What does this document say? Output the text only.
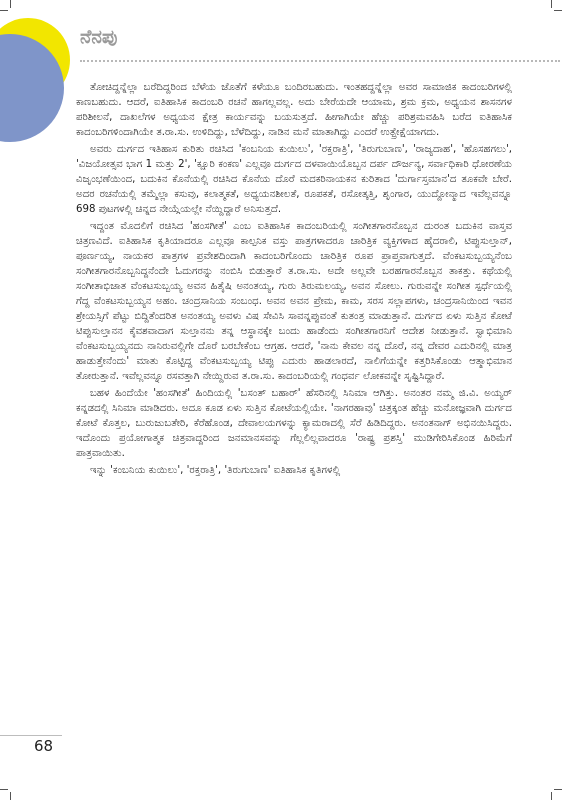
ನೆನಪು

ತೋಚಿದ್ದನ್ನೆಲ್ಲಾ ಬರೆದಿದ್ದರಿಂದ ಬೆಳೆಯ ಜೊತೆಗೆ ಕಳೆಯೂ ಬಂದಿರಬಹುದು. ಇಂತಹದ್ದನ್ನೆಲ್ಲಾ ಅವರ ಸಾಮಾಜಿಕ ಕಾದಂಬರಿಗಳಲ್ಲಿ ಕಾಣಬಹುದು. ಆದರೆ, ಐತಿಹಾಸಿಕ ಕಾದಂಬರಿ ರಚನೆ ಹಾಗಲ್ಲವಲ್ಲ. ಅದು ಬೇರೆಯದೇ ಆಯಾಮ, ಶ್ರಮ ಕ್ರಮ, ಅಧ್ಯಯನ ಶಾಸನಗಳ ಪರಿಶೀಲನೆ, ದಾಖಲೆಗಳ ಅಧ್ಯಯನ ಕ್ಷೇತ್ರ ಕಾರ್ಯವನ್ನು ಬಯಸುತ್ತದೆ. ಹೀಗಾಗಿಯೇ ಹೆಚ್ಚು ಪರಿಶ್ರಮವಹಿಸಿ ಬರೆದ ಐತಿಹಾಸಿಕ ಕಾದಂಬರಿಗಳಿಂದಾಗಿಯೇ ತ.ರಾ.ಸು. ಉಳಿದಿದ್ದು, ಬೆಳೆದಿದ್ದು, ನಾಡಿನ ಮನೆ ಮಾತಾಗಿದ್ದು ಎಂದರೆ ಉತ್ಪ್ರೇಕ್ಷೆಯಾಗದು.

ಅವರು ದುರ್ಗದ ಇತಿಹಾಸ ಕುರಿತು ರಚಿಸಿದ 'ಕಂಬನಿಯ ಕುಯಿಲು', 'ರಕ್ತರಾತ್ರಿ', 'ತಿರುಗುಬಾಣ', 'ರಾಜ್ಯದಾಹ', 'ಹೊಸಹಗಲು', 'ವಿಜಯೋತ್ಸವ ಭಾಗ 1 ಮತ್ತು 2', 'ಕ್ಷೂರಿ ಕಂಕಣ' ಎಲ್ಲವೂ ದುರ್ಗದ ದಳವಾಯಿಯೊಬ್ಬನ ದರ್ಪ ದೌರ್ಜನ್ಯ, ಸರ್ವಾಧಿಕಾರಿ ಧೋರಣೆಯ ವಿಜೃಂಭಣೆಯಿಂದ, ಬದುಕಿನ ಕೊನೆಯಲ್ಲಿ ರಚಿಸಿದ ಕೊನೆಯ ದೊರೆ ಮದಕರಿನಾಯಕನ ಕುರಿತಾದ 'ದುರ್ಗಾಸ್ತಮಾನ'ದ ತೂಕವೇ ಬೇರೆ. ಅದರ ರಚನೆಯಲ್ಲಿ ತಮ್ಮೆಲ್ಲಾ ಕಸುವು, ಕಲಾತ್ಮಕತೆ, ಅಧ್ಯಯನಶೀಲತೆ, ರೂಪಕತೆ, ರಸೋತ್ಕತ್ತಿ, ಶೃಂಗಾರ, ಯುದ್ದೋನ್ಮಾದ ಇವೆಲ್ಲವನ್ನೂ 698 ಪುಟಗಳಲ್ಲಿ ಚಿನ್ನದ ನೇಯ್ಗೆಯಲ್ಲೇ ನೆಯ್ದಿದ್ದಾರೆ ಅನಿಸುತ್ತದೆ.

ಇದ್ದಂತ ಮೊದಲಿಗೆ ರಚಿಸಿದ 'ಹಂಸಗೀತೆ' ಎಂಬ ಐತಿಹಾಸಿಕ ಕಾದಂಬರಿಯಲ್ಲಿ ಸಂಗೀತಗಾರನೊಬ್ಬನ ದುರಂತ ಬದುಕಿನ ವಾಸ್ತವ ಚಿತ್ರಣವಿದೆ. ಐತಿಹಾಸಿಕ ಕೃತಿಯಾದರೂ ಎಲ್ಲವೂ ಕಾಲ್ಪನಿಕ ವಸ್ತು ಪಾತ್ರಗಳಾದರೂ ಚಾರಿತ್ರಿಕ ವ್ಯಕ್ತಿಗಳಾದ ಹೈದರಾಲಿ, ಟಿಪ್ಪುಸುಲ್ತಾನ್, ಪೂರ್ಣಯ್ಯ, ನಾಯಕರ ಪಾತ್ರಗಳ ಪ್ರವೇಶದಿಂದಾಗಿ ಕಾದಂಬರಿಗೊಂದು ಚಾರಿತ್ರಿಕ ರೂಪ ಪ್ರಾಪ್ತವಾಗುತ್ತದೆ. ವೆಂಕಟಸುಬ್ಬಯ್ಯನೆಂಬ ಸಂಗೀತಗಾರನೊಬ್ಬನಿದ್ದನೆಂದೇ ಓದುಗರನ್ನು ನಂಬಿಸಿ ಬಿಡುತ್ತಾರೆ ತ.ರಾ.ಸು. ಅದೇ ಅಲ್ಲವೇ ಬರಹಗಾರನೊಬ್ಬನ ತಾಕತ್ತು. ಕಥೆಯಲ್ಲಿ ಸಂಗೀತಾಭಿಜಾತ ವೆಂಕಟಸುಬ್ಬಯ್ಯ ಅವನ ಹಿತೈಷಿ ಅನಂತಯ್ಯ, ಗುರು ತಿರುಮಲಯ್ಯ, ಅವನ ಸೋಲು. ಗುರುವನ್ನೇ ಸಂಗೀತ ಸ್ಪರ್ಧೆಯಲ್ಲಿ ಗೆದ್ದ ವೆಂಕಟಸುಬ್ಬಯ್ಯನ ಅಹಂ. ಚಂದ್ರಸಾನಿಯ ಸಂಬಂಧ. ಅವನ ಅವನ ಪ್ರೇಮ, ಕಾಮ, ಸರಸ ಸಲ್ಲಾಪಗಳು, ಚಂದ್ರಸಾನಿಯಿಂದ ಇವನ ಶ್ರೇಯಸ್ಸಿಗೆ ಪೆಟ್ಟು ಬಿದ್ದಿತೆಂದರಿತ ಅನಂತಯ್ಯ ಅವಳು ವಿಷ ಸೇವಿಸಿ ಸಾವನ್ನಪ್ಪುವಂತೆ ಕುತಂತ್ರ ಮಾಡುತ್ತಾನೆ. ದುರ್ಗದ ಏಳು ಸುತ್ತಿನ ಕೋಟೆ ಟಿಪ್ಪುಸುಲ್ತಾನನ ಕೈವಶವಾದಾಗ ಸುಲ್ತಾನನು ತನ್ನ ಆಸ್ಥಾನಕ್ಕೇ ಬಂದು ಹಾಡೆಂದು ಸಂಗೀತಗಾರನಿಗೆ ಆದೇಶ ನೀಡುತ್ತಾನೆ. ಸ್ವಾಭಿಮಾನಿ ವೆಂಕಟಸುಬ್ಬಯ್ಯನದು ನಾನಿರುವಲ್ಲಿಗೇ ದೊರೆ ಬರಬೇಕೆಂಬ ಆಗ್ರಹ. ಆದರೆ, 'ನಾನು ಕೇವಲ ನನ್ನ ದೊರೆ, ನನ್ನ ದೇವರ ಎದುರಿನಲ್ಲಿ ಮಾತ್ರ ಹಾಡುತ್ತೇನೆಂದು' ಮಾತು ಕೊಟ್ಟಿದ್ದ ವೆಂಕಟಸುಬ್ಬಯ್ಯ ಟಿಪ್ಪು ಎದುರು ಹಾಡಲಾರದೆ, ನಾಲಿಗೆಯನ್ನೇ ಕತ್ತರಿಸಿಕೊಂಡು ಆತ್ಮಾಭಿಮಾನ ತೋರುತ್ತಾನೆ. ಇವೆಲ್ಲವನ್ನೂ ರಸವತ್ತಾಗಿ ನೇಯ್ದಿರುವ ತ.ರಾ.ಸು. ಕಾದಂಬರಿಯಲ್ಲಿ ಗಂಧರ್ವ ಲೋಕವನ್ನೇ ಸೃಷ್ಟಿಸಿದ್ದಾರೆ.

ಬಹಳ ಹಿಂದೆಯೇ 'ಹಂಸಗೀತೆ' ಹಿಂದಿಯಲ್ಲಿ 'ಬಸಂತ್ ಬಹಾರ್' ಹೆಸರಿನಲ್ಲಿ ಸಿನಿಮಾ ಆಗಿತ್ತು. ಅನಂತರ ನಮ್ಮ ಜಿ.ವಿ. ಅಯ್ಯರ್ ಕನ್ನಡದಲ್ಲಿ ಸಿನಿಮಾ ಮಾಡಿದರು. ಅದೂ ಕೂಡ ಏಳು ಸುತ್ತಿನ ಕೋಟೆಯಲ್ಲಿಯೇ. 'ನಾಗರಹಾವು' ಚಿತ್ರಕ್ಕಂತ ಹೆಚ್ಚು ಮನೋಜ್ಞವಾಗಿ ದುರ್ಗದ ಕೋಟೆ ಕೊತ್ತಲ, ಬುರುಜುಬತೇರಿ, ಕೆರೆಹೊಂಡ, ದೇವಾಲಯಗಳನ್ನು ಕ್ಯಾಮರಾದಲ್ಲಿ ಸೆರೆ ಹಿಡಿದಿದ್ದರು. ಅನಂತನಾಗ್ ಅಭಿನಯಿಸಿದ್ದರು. ಇದೊಂದು ಪ್ರಯೋಗಾತ್ಮಕ ಚಿತ್ರವಾದ್ದರಿಂದ ಜನಮಾನಸವನ್ನು ಗೆಲ್ಲಲಿಲ್ಲವಾದರೂ 'ರಾಷ್ಟ್ರ ಪ್ರಶಸ್ತಿ' ಮುಡಿಗೇರಿಸಿಕೊಂಡ ಹಿರಿಮೆಗೆ ಪಾತ್ರವಾಯಿತು.

ಇನ್ನು 'ಕಂಬನಿಯ ಕುಯಿಲು', 'ರಕ್ತರಾತ್ರಿ', 'ತಿರುಗುಬಾಣ' ಐತಿಹಾಸಿಕ ಕೃತಿಗಳಲ್ಲಿ

68
